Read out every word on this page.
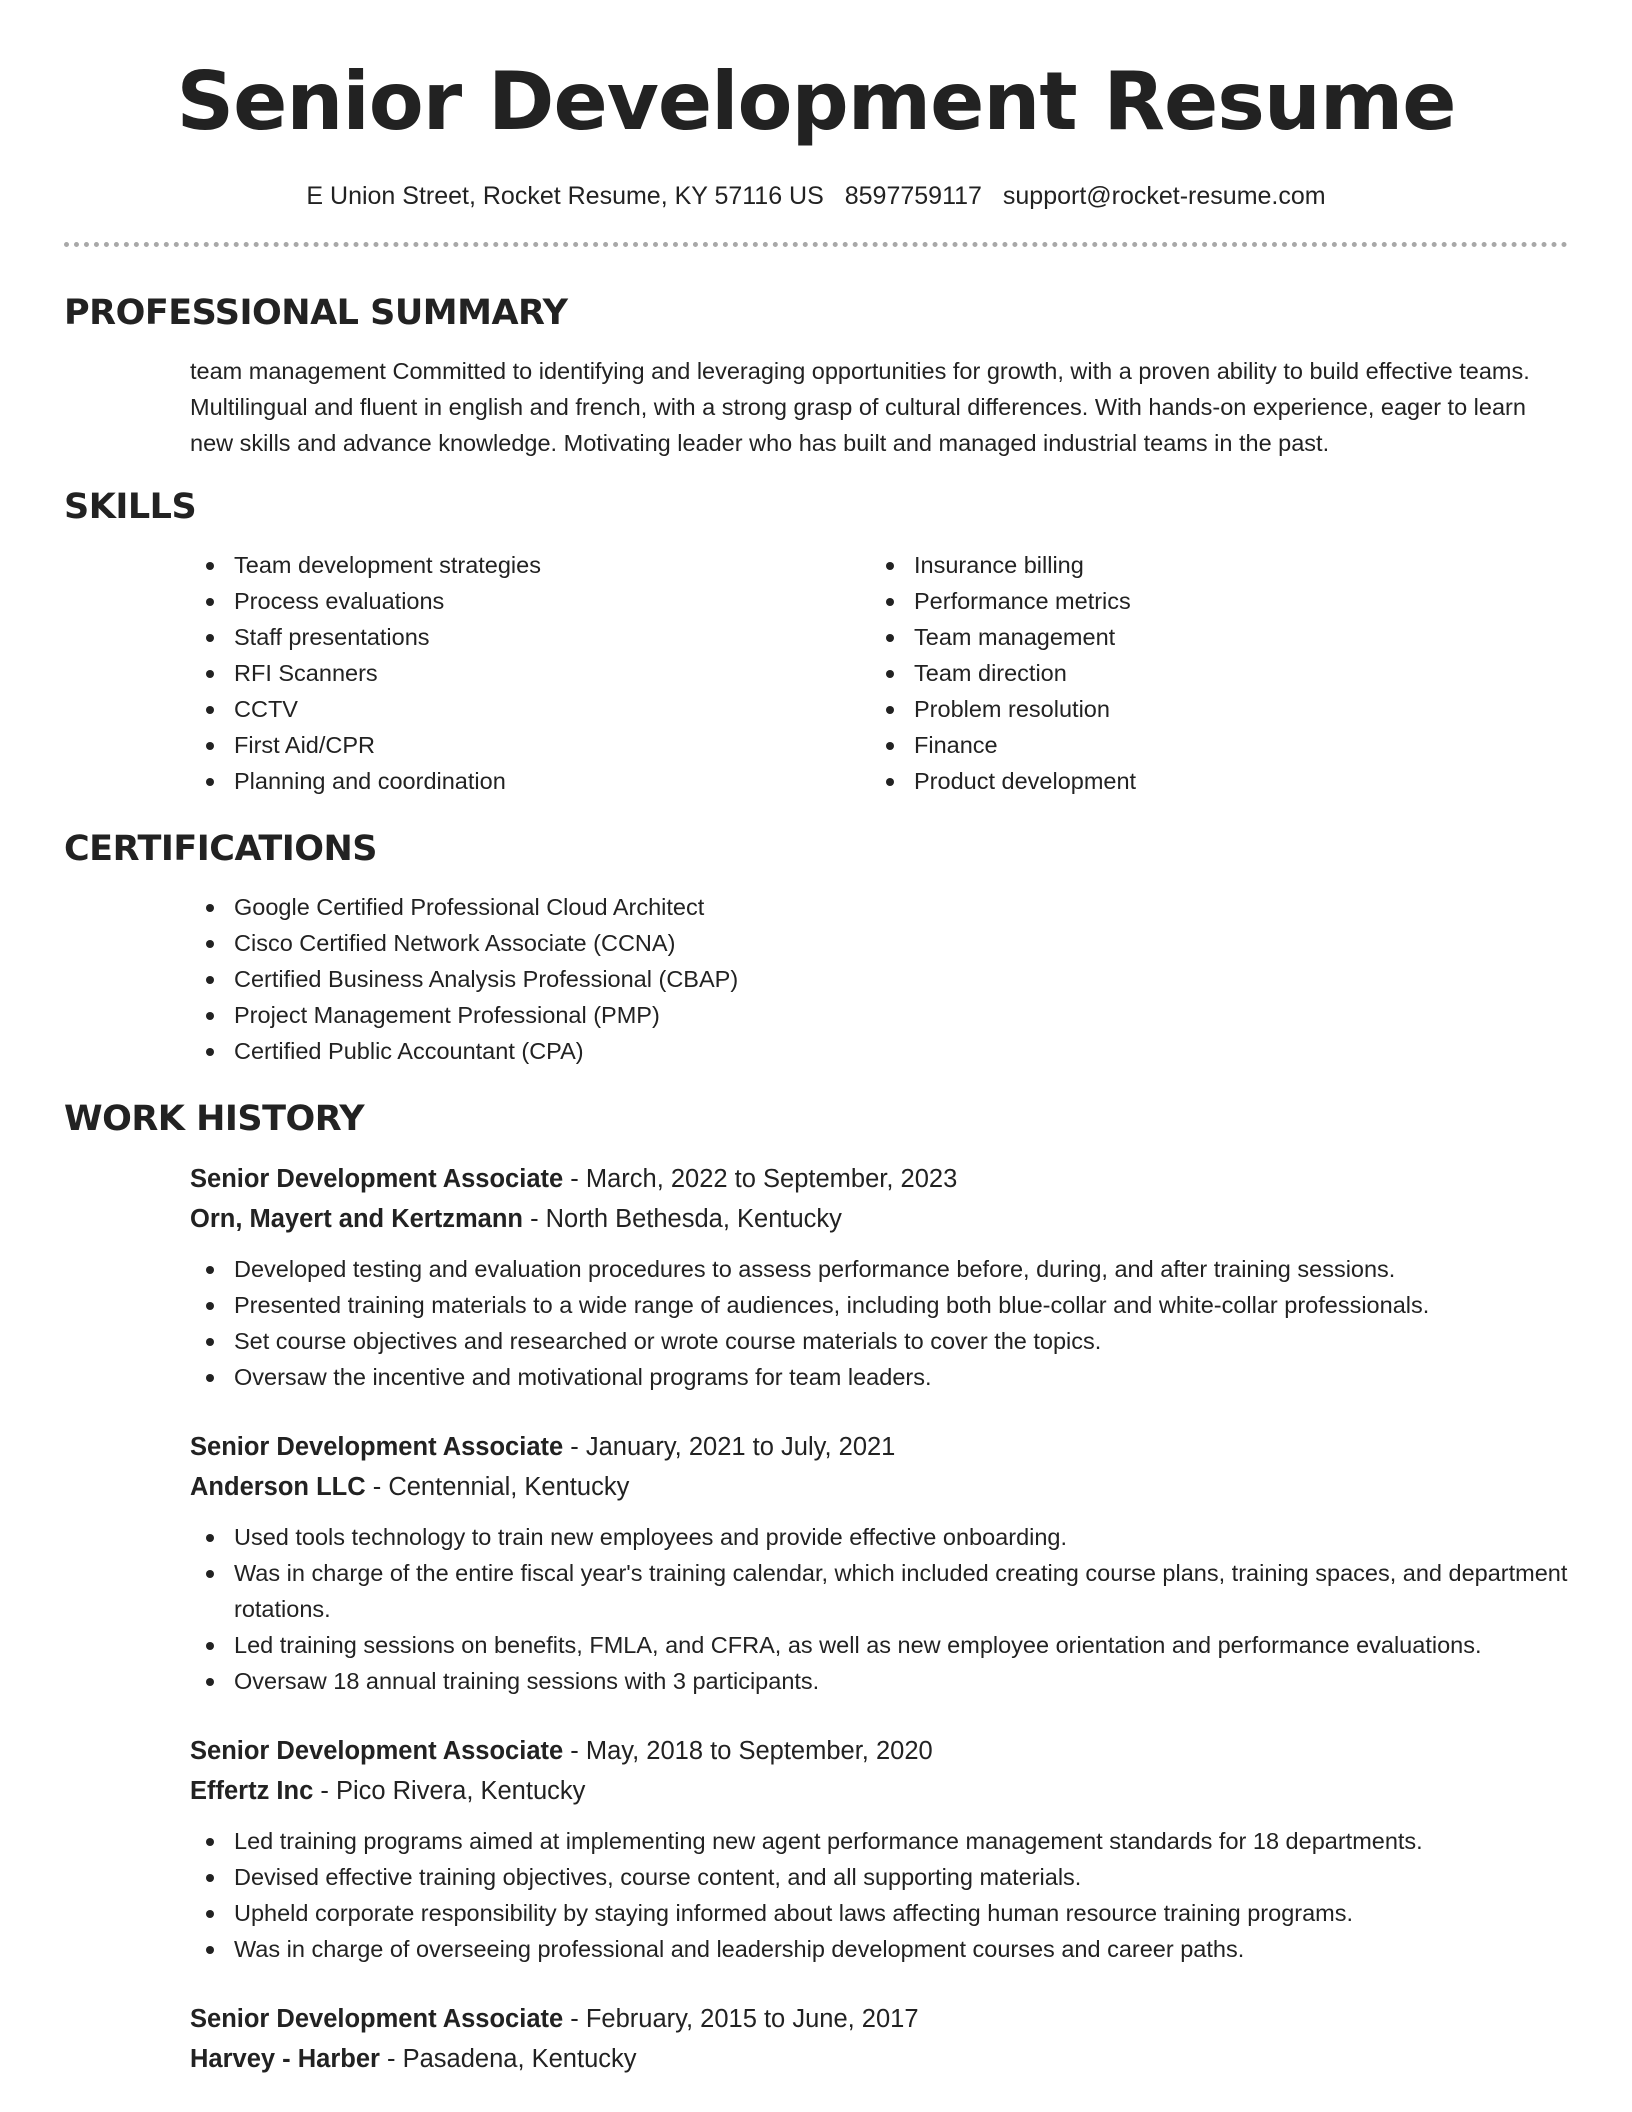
Senior Development Resume
E Union Street, Rocket Resume, KY 57116 US 8597759117 support@rocket-resume.com
PROFESSIONAL SUMMARY

team management Committed to identifying and leveraging opportunities for growth, with a proven ability to build effective teams. Multilingual and fluent in english and french, with a strong grasp of cultural differences. With hands-on experience, eager to learn new skills and advance knowledge. Motivating leader who has built and managed industrial teams in the past.

SKILLS
Team development strategies
Process evaluations
Staff presentations
RFI Scanners
CCTV
First Aid/CPR
Planning and coordination
Insurance billing
Performance metrics
Team management
Team direction
Problem resolution
Finance
Product development
CERTIFICATIONS
Google Certified Professional Cloud Architect
Cisco Certified Network Associate (CCNA)
Certified Business Analysis Professional (CBAP)
Project Management Professional (PMP)
Certified Public Accountant (CPA)
WORK HISTORY
Senior Development Associate - March, 2022 to September, 2023
Orn, Mayert and Kertzmann - North Bethesda, Kentucky
Developed testing and evaluation procedures to assess performance before, during, and after training sessions.
Presented training materials to a wide range of audiences, including both blue-collar and white-collar professionals.
Set course objectives and researched or wrote course materials to cover the topics.
Oversaw the incentive and motivational programs for team leaders.
Senior Development Associate - January, 2021 to July, 2021
Anderson LLC - Centennial, Kentucky
Used tools technology to train new employees and provide effective onboarding.
Was in charge of the entire fiscal year's training calendar, which included creating course plans, training spaces, and department rotations.
Led training sessions on benefits, FMLA, and CFRA, as well as new employee orientation and performance evaluations.
Oversaw 18 annual training sessions with 3 participants.
Senior Development Associate - May, 2018 to September, 2020
Effertz Inc - Pico Rivera, Kentucky
Led training programs aimed at implementing new agent performance management standards for 18 departments.
Devised effective training objectives, course content, and all supporting materials.
Upheld corporate responsibility by staying informed about laws affecting human resource training programs.
Was in charge of overseeing professional and leadership development courses and career paths.
Senior Development Associate - February, 2015 to June, 2017
Harvey - Harber - Pasadena, Kentucky
